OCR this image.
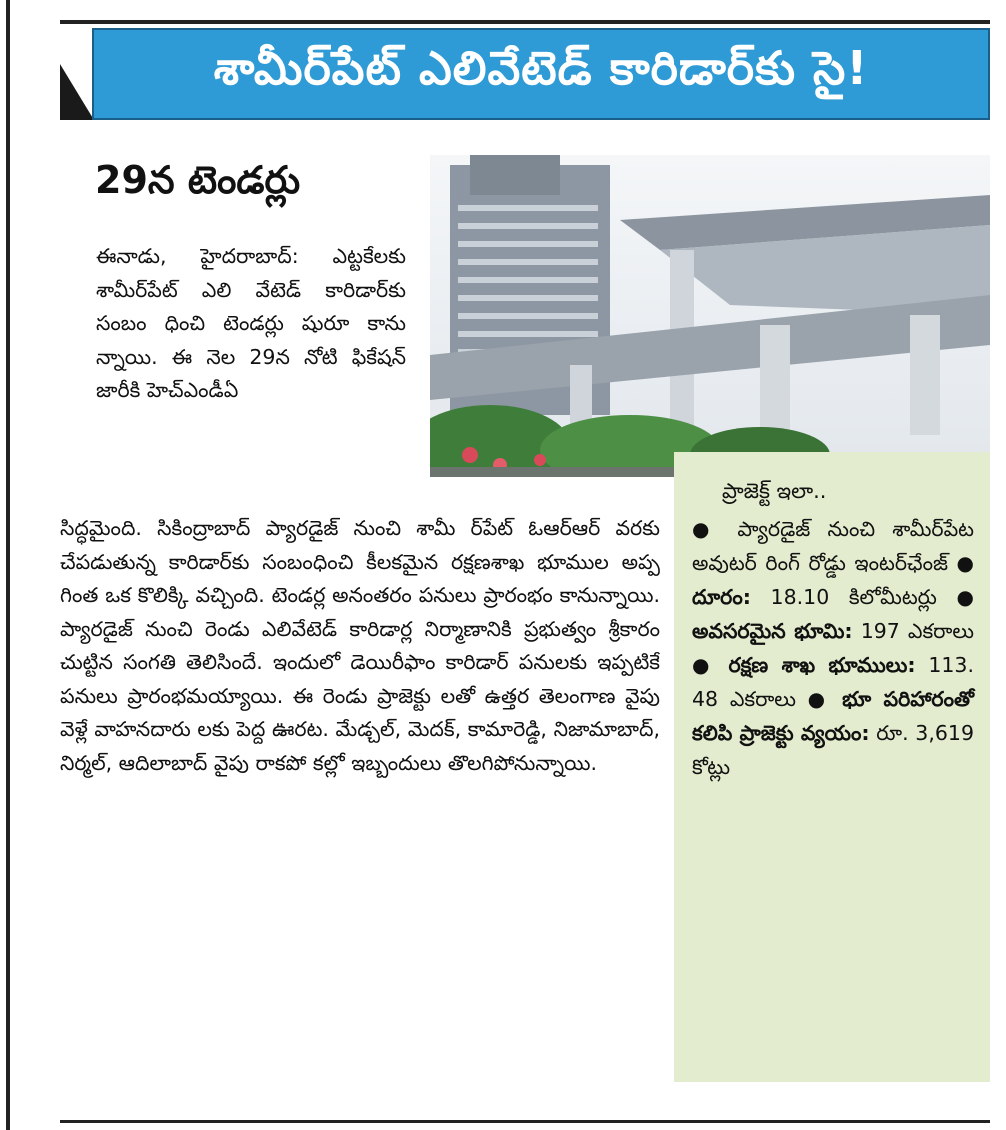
శామీర్‌పేట్ ఎలివేటెడ్ కారిడార్‌కు సై!
29న టెండర్లు
ఈనాడు, హైదరాబాద్: ఎట్టకేలకు శామీర్‌పేట్ ఎలి వేటెడ్ కారిడార్‌కు సంబం ధించి టెండర్లు షురూ కాను న్నాయి. ఈ నెల 29న నోటి ఫికేషన్ జారీకి హెచ్‌ఎండీఏ
సిద్ధమైంది. సికింద్రాబాద్ ప్యారడైజ్ నుంచి శామీ ర్‌పేట్ ఓఆర్‌ఆర్ వరకు చేపడుతున్న కారిడార్‌కు సంబంధించి కీలకమైన రక్షణశాఖ భూముల అప్ప గింత ఒక కొలిక్కి వచ్చింది. టెండర్ల అనంతరం పనులు ప్రారంభం కానున్నాయి. ప్యారడైజ్ నుంచి రెండు ఎలివేటెడ్ కారిడార్ల నిర్మాణానికి ప్రభుత్వం శ్రీకారం చుట్టిన సంగతి తెలిసిందే. ఇందులో డెయిరీఫాం కారిడార్ పనులకు ఇప్పటికే పనులు ప్రారంభమయ్యాయి. ఈ రెండు ప్రాజెక్టు లతో ఉత్తర తెలంగాణ వైపు వెళ్లే వాహనదారు లకు పెద్ద ఊరట. మేడ్చల్, మెదక్, కామారెడ్డి, నిజామాబాద్, నిర్మల్, ఆదిలాబాద్ వైపు రాకపో కల్లో ఇబ్బందులు తొలగిపోనున్నాయి.
ప్రాజెక్ట్ ఇలా..
● ప్యారడైజ్ నుంచి శామీర్‌పేట అవుటర్ రింగ్ రోడ్డు ఇంటర్‌ఛేంజ్ ● దూరం: 18.10 కిలోమీటర్లు ● అవసరమైన భూమి: 197 ఎకరాలు ● రక్షణ శాఖ భూములు: 113. 48 ఎకరాలు ● భూ పరిహారంతో కలిపి ప్రాజెక్టు వ్యయం: రూ. 3,619 కోట్లు
